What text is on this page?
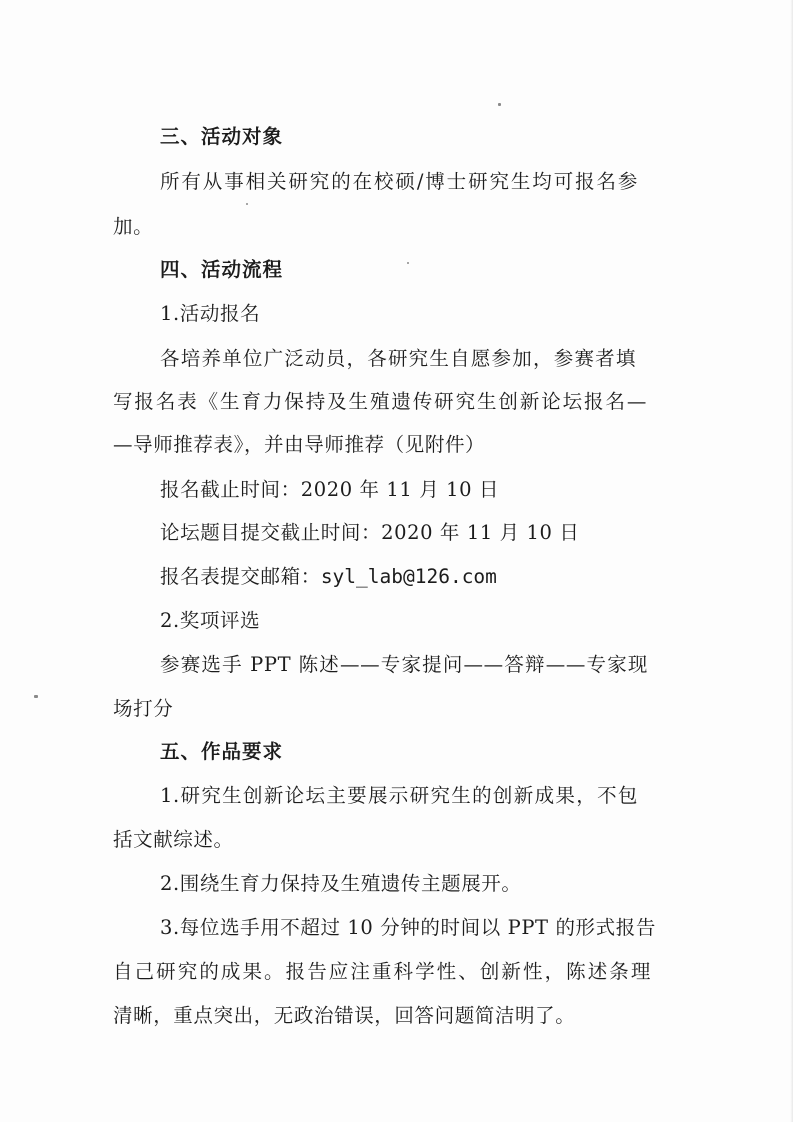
三、活动对象
所有从事相关研究的在校硕/博士研究生均可报名参
加。
四、活动流程
1.活动报名
各培养单位广泛动员，各研究生自愿参加，参赛者填
写报名表《生育力保持及生殖遗传研究生创新论坛报名—
—导师推荐表》，并由导师推荐（见附件）
报名截止时间：2020 年 11 月 10 日
论坛题目提交截止时间：2020 年 11 月 10 日
报名表提交邮箱：syl_lab@126.com
2.奖项评选
参赛选手 PPT 陈述——专家提问——答辩——专家现
场打分
五、作品要求
1.研究生创新论坛主要展示研究生的创新成果，不包
括文献综述。
2.围绕生育力保持及生殖遗传主题展开。
3.每位选手用不超过 10 分钟的时间以 PPT 的形式报告
自己研究的成果。报告应注重科学性、创新性，陈述条理
清晰，重点突出，无政治错误，回答问题简洁明了。
